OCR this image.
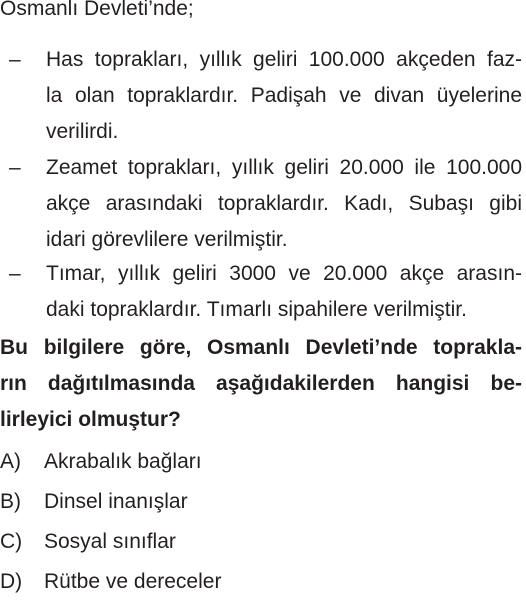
Osmanlı Devleti’nde;
– Has toprakları, yıllık geliri 100.000 akçeden faz-
la olan topraklardır. Padişah ve divan üyelerine
verilirdi.
– Zeamet toprakları, yıllık geliri 20.000 ile 100.000
akçe arasındaki topraklardır. Kadı, Subaşı gibi
idari görevlilere verilmiştir.
– Tımar, yıllık geliri 3000 ve 20.000 akçe arasın-
daki topraklardır. Tımarlı sipahilere verilmiştir.
Bu bilgilere göre, Osmanlı Devleti’nde toprakla-
rın dağıtılmasında aşağıdakilerden hangisi be-
lirleyici olmuştur?
A) Akrabalık bağları
B) Dinsel inanışlar
C) Sosyal sınıflar
D) Rütbe ve dereceler
